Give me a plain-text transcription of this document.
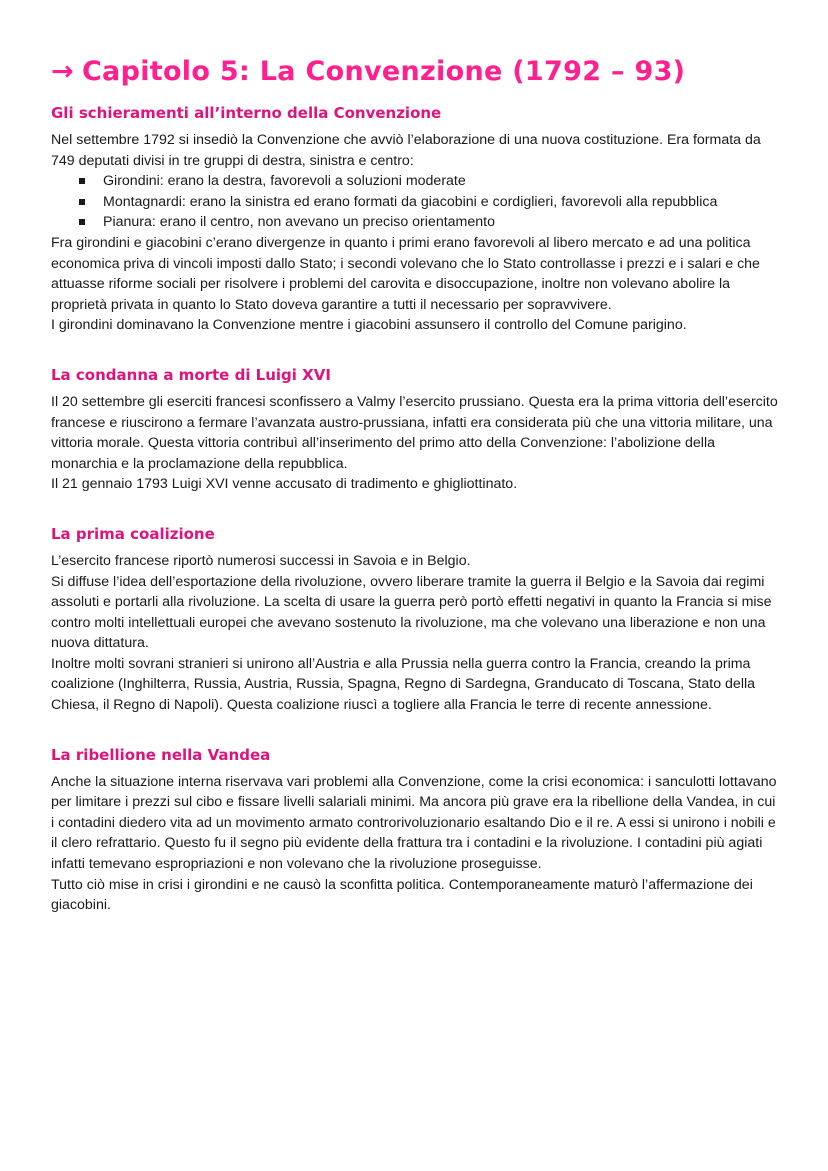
→ Capitolo 5: La Convenzione (1792 – 93)
Gli schieramenti all’interno della Convenzione

Nel settembre 1792 si insediò la Convenzione che avviò l’elaborazione di una nuova costituzione. Era formata da 749 deputati divisi in tre gruppi di destra, sinistra e centro:

Girondini: erano la destra, favorevoli a soluzioni moderate
Montagnardi: erano la sinistra ed erano formati da giacobini e cordiglieri, favorevoli alla repubblica
Pianura: erano il centro, non avevano un preciso orientamento

Fra girondini e giacobini c’erano divergenze in quanto i primi erano favorevoli al libero mercato e ad una politica economica priva di vincoli imposti dallo Stato; i secondi volevano che lo Stato controllasse i prezzi e i salari e che attuasse riforme sociali per risolvere i problemi del carovita e disoccupazione, inoltre non volevano abolire la proprietà privata in quanto lo Stato doveva garantire a tutti il necessario per sopravvivere.

I girondini dominavano la Convenzione mentre i giacobini assunsero il controllo del Comune parigino.

La condanna a morte di Luigi XVI

Il 20 settembre gli eserciti francesi sconfissero a Valmy l’esercito prussiano. Questa era la prima vittoria dell’esercito francese e riuscirono a fermare l’avanzata austro-prussiana, infatti era considerata più che una vittoria militare, una vittoria morale. Questa vittoria contribuì all’inserimento del primo atto della Convenzione: l’abolizione della monarchia e la proclamazione della repubblica.

Il 21 gennaio 1793 Luigi XVI venne accusato di tradimento e ghigliottinato.

La prima coalizione

L’esercito francese riportò numerosi successi in Savoia e in Belgio.

Si diffuse l’idea dell’esportazione della rivoluzione, ovvero liberare tramite la guerra il Belgio e la Savoia dai regimi assoluti e portarli alla rivoluzione. La scelta di usare la guerra però portò effetti negativi in quanto la Francia si mise contro molti intellettuali europei che avevano sostenuto la rivoluzione, ma che volevano una liberazione e non una nuova dittatura.

Inoltre molti sovrani stranieri si unirono all’Austria e alla Prussia nella guerra contro la Francia, creando la prima coalizione (Inghilterra, Russia, Austria, Russia, Spagna, Regno di Sardegna, Granducato di Toscana, Stato della Chiesa, il Regno di Napoli). Questa coalizione riuscì a togliere alla Francia le terre di recente annessione.

La ribellione nella Vandea

Anche la situazione interna riservava vari problemi alla Convenzione, come la crisi economica: i sanculotti lottavano per limitare i prezzi sul cibo e fissare livelli salariali minimi. Ma ancora più grave era la ribellione della Vandea, in cui i contadini diedero vita ad un movimento armato controrivoluzionario esaltando Dio e il re. A essi si unirono i nobili e il clero refrattario. Questo fu il segno più evidente della frattura tra i contadini e la rivoluzione. I contadini più agiati infatti temevano espropriazioni e non volevano che la rivoluzione proseguisse.

Tutto ciò mise in crisi i girondini e ne causò la sconfitta politica. Contemporaneamente maturò l’affermazione dei giacobini.
